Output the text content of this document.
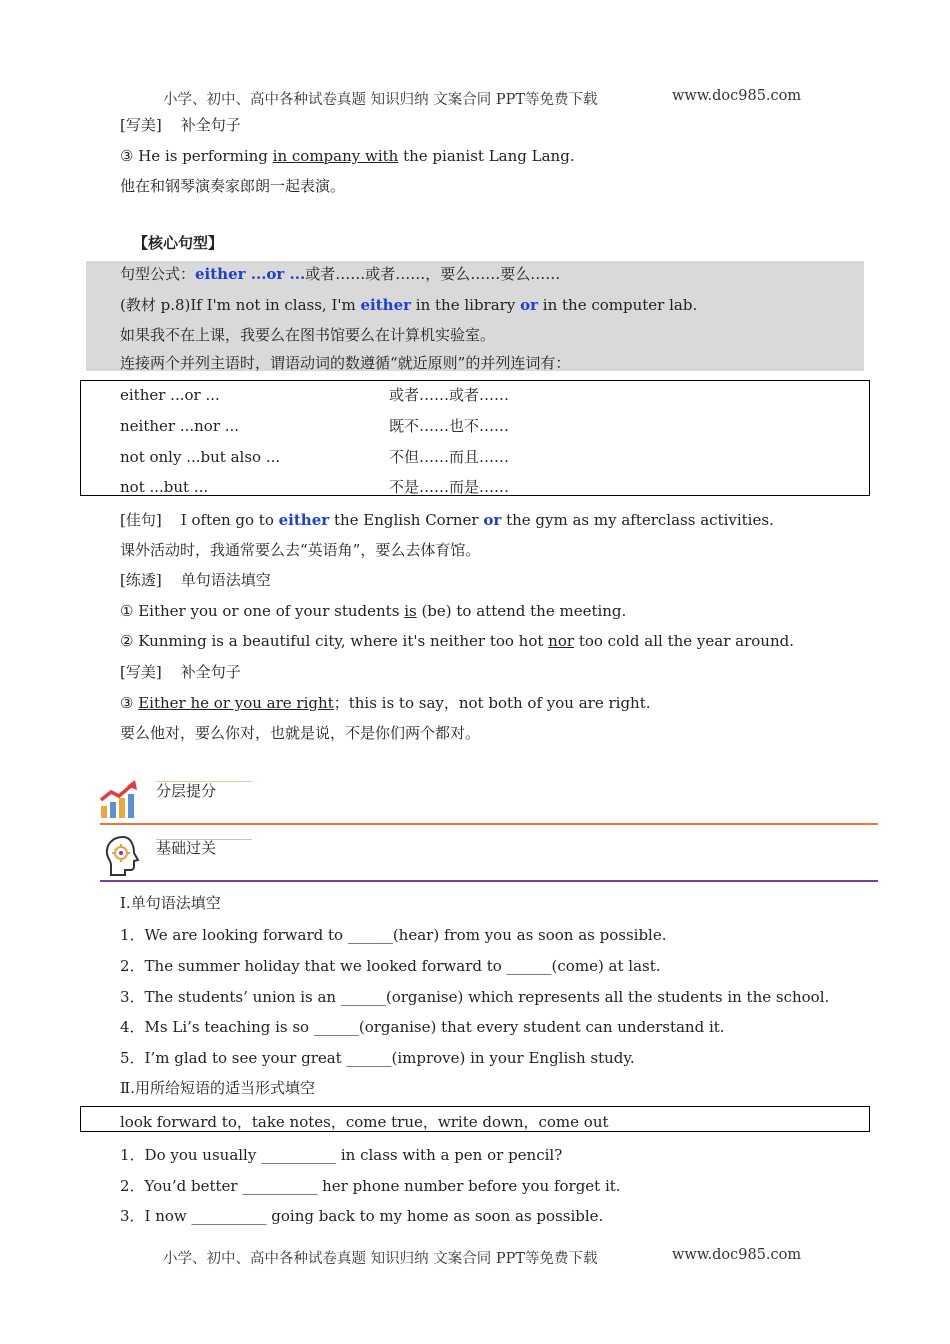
小学、初中、高中各种试卷真题 知识归纳 文案合同 PPT等免费下载	www.doc985.com
[写美] 补全句子
③ He is performing in company with the pianist Lang Lang.
他在和钢琴演奏家郎朗一起表演。
【核心句型】
句型公式：either ...or ...或者……或者……，要么……要么……
(教材 p.8)If I'm not in class, I'm either in the library or in the computer lab.
如果我不在上课，我要么在图书馆要么在计算机实验室。
连接两个并列主语时，谓语动词的数遵循“就近原则”的并列连词有：
either ...or ...	或者……或者……
neither ...nor ...	既不……也不……
not only ...but also ...	不但……而且……
not ...but ...	不是……而是……
[佳句] I often go to either the English Corner or the gym as my afterclass activities.
课外活动时，我通常要么去“英语角”，要么去体育馆。
[练透] 单句语法填空
① Either you or one of your students is (be) to attend the meeting.
② Kunming is a beautiful city, where it's neither too hot nor too cold all the year around.
[写美] 补全句子
③ Either he or you are right；this is to say，not both of you are right.
要么他对，要么你对，也就是说，不是你们两个都对。
分层提分
基础过关
Ⅰ.单句语法填空
1．We are looking forward to ______(hear) from you as soon as possible.
2．The summer holiday that we looked forward to ______(come) at last.
3．The students’ union is an ______(organise) which represents all the students in the school.
4．Ms Li’s teaching is so ______(organise) that every student can understand it.
5．I’m glad to see your great ______(improve) in your English study.
Ⅱ.用所给短语的适当形式填空
look forward to，take notes，come true，write down，come out
1．Do you usually __________ in class with a pen or pencil?
2．You’d better __________ her phone number before you forget it.
3．I now __________ going back to my home as soon as possible.
小学、初中、高中各种试卷真题 知识归纳 文案合同 PPT等免费下载	www.doc985.com
